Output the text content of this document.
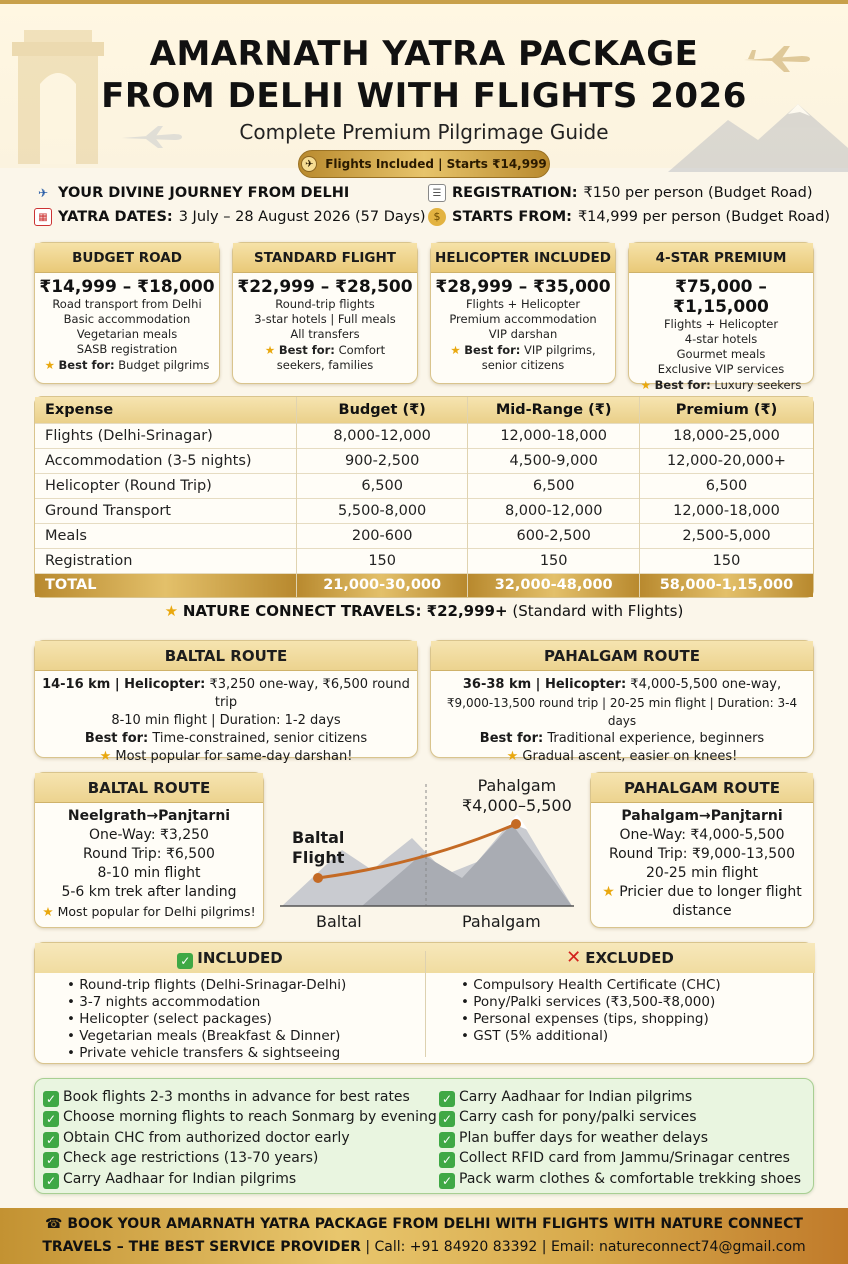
AMARNATH YATRA PACKAGE
FROM DELHI WITH FLIGHTS 2026
Complete Premium Pilgrimage Guide
✈ Flights Included | Starts ₹14,999
✈ YOUR DIVINE JOURNEY FROM DELHI
▦ YATRA DATES: 3 July – 28 August 2026 (57 Days)
☰ REGISTRATION: ₹150 per person (Budget Road)
$ STARTS FROM: ₹14,999 per person (Budget Road)
BUDGET ROAD
₹14,999 – ₹18,000
Road transport from Delhi
Basic accommodation
Vegetarian meals
SASB registration
★ Best for: Budget pilgrims
STANDARD FLIGHT
₹22,999 – ₹28,500
Round-trip flights
3-star hotels | Full meals
All transfers
★ Best for: Comfort
seekers, families
HELICOPTER INCLUDED
₹28,999 – ₹35,000
Flights + Helicopter
Premium accommodation
VIP darshan
★ Best for: VIP pilgrims,
senior citizens
4-STAR PREMIUM
₹75,000 – ₹1,15,000
Flights + Helicopter
4-star hotels
Gourmet meals
Exclusive VIP services
★ Best for: Luxury seekers
Expense	Budget (₹)	Mid-Range (₹)	Premium (₹)
Flights (Delhi-Srinagar)	8,000-12,000	12,000-18,000	18,000-25,000
Accommodation (3-5 nights)	900-2,500	4,500-9,000	12,000-20,000+
Helicopter (Round Trip)	6,500	6,500	6,500
Ground Transport	5,500-8,000	8,000-12,000	12,000-18,000
Meals	200-600	600-2,500	2,500-5,000
Registration	150	150	150
TOTAL	21,000-30,000	32,000-48,000	58,000-1,15,000
★ NATURE CONNECT TRAVELS: ₹22,999+ (Standard with Flights)
BALTAL ROUTE
14-16 km | Helicopter: ₹3,250 one-way, ₹6,500 round trip
8-10 min flight | Duration: 1-2 days
Best for: Time-constrained, senior citizens
★ Most popular for same-day darshan!
PAHALGAM ROUTE
36-38 km | Helicopter: ₹4,000-5,500 one-way,
₹9,000-13,500 round trip | 20-25 min flight | Duration: 3-4 days
Best for: Traditional experience, beginners
★ Gradual ascent, easier on knees!
BALTAL ROUTE
Neelgrath→Panjtarni
One-Way: ₹3,250
Round Trip: ₹6,500
8-10 min flight
5-6 km trek after landing
★ Most popular for Delhi pilgrims!
PAHALGAM ROUTE
Pahalgam→Panjtarni
One-Way: ₹4,000-5,500
Round Trip: ₹9,000-13,500
20-25 min flight
★ Pricier due to longer flight
distance
Baltal
Flight
Pahalgam
₹4,000–5,500
Baltal	Pahalgam
✓ INCLUDED	✕ EXCLUDED
• Round-trip flights (Delhi-Srinagar-Delhi)
• 3-7 nights accommodation
• Helicopter (select packages)
• Vegetarian meals (Breakfast & Dinner)
• Private vehicle transfers & sightseeing
• Compulsory Health Certificate (CHC)
• Pony/Palki services (₹3,500-₹8,000)
• Personal expenses (tips, shopping)
• GST (5% additional)
✓ Book flights 2-3 months in advance for best rates
✓ Choose morning flights to reach Sonmarg by evening
✓ Obtain CHC from authorized doctor early
✓ Check age restrictions (13-70 years)
✓ Carry Aadhaar for Indian pilgrims
✓ Carry Aadhaar for Indian pilgrims
✓ Carry cash for pony/palki services
✓ Plan buffer days for weather delays
✓ Collect RFID card from Jammu/Srinagar centres
✓ Pack warm clothes & comfortable trekking shoes
☎ BOOK YOUR AMARNATH YATRA PACKAGE FROM DELHI WITH FLIGHTS WITH NATURE CONNECT
TRAVELS – THE BEST SERVICE PROVIDER | Call: +91 84920 83392 | Email: natureconnect74@gmail.com
